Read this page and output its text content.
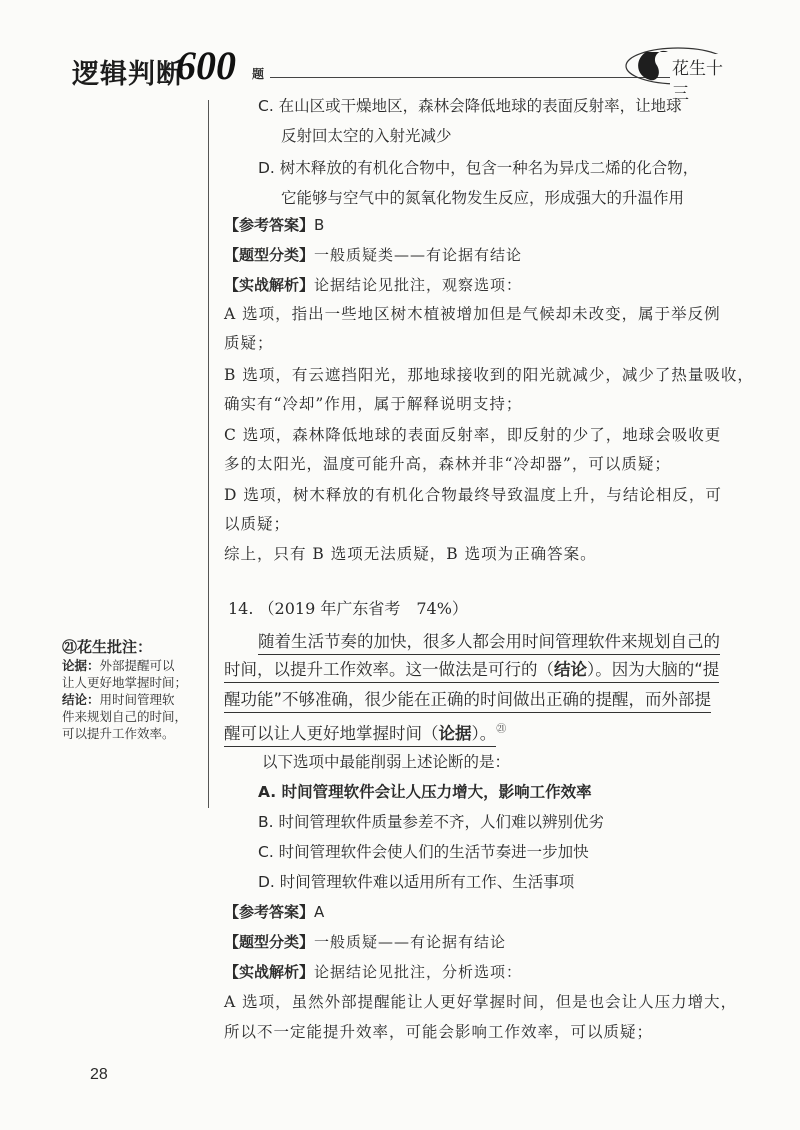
逻辑判断
600 题	花生十三
C. 在山区或干燥地区，森林会降低地球的表面反射率，让地球
反射回太空的入射光减少
D. 树木释放的有机化合物中，包含一种名为异戊二烯的化合物，
它能够与空气中的氮氧化物发生反应，形成强大的升温作用
【参考答案】B
【题型分类】一般质疑类——有论据有结论
【实战解析】论据结论见批注，观察选项：
A 选项，指出一些地区树木植被增加但是气候却未改变，属于举反例
质疑；
B 选项，有云遮挡阳光，那地球接收到的阳光就减少，减少了热量吸收，
确实有“冷却”作用，属于解释说明支持；
C 选项，森林降低地球的表面反射率，即反射的少了，地球会吸收更
多的太阳光，温度可能升高，森林并非“冷却器”，可以质疑；
D 选项，树木释放的有机化合物最终导致温度上升，与结论相反，可
以质疑；
综上，只有 B 选项无法质疑，B 选项为正确答案。
14. （2019 年广东省考　74%）
随着生活节奏的加快，很多人都会用时间管理软件来规划自己的
时间，以提升工作效率。这一做法是可行的（结论）。因为大脑的“提
醒功能”不够准确，很少能在正确的时间做出正确的提醒，而外部提
醒可以让人更好地掌握时间（论据）。$^㉑$
以下选项中最能削弱上述论断的是：
A. 时间管理软件会让人压力增大，影响工作效率
B. 时间管理软件质量参差不齐，人们难以辨别优劣
C. 时间管理软件会使人们的生活节奏进一步加快
D. 时间管理软件难以适用所有工作、生活事项
【参考答案】A
【题型分类】一般质疑——有论据有结论
【实战解析】论据结论见批注，分析选项：
A 选项，虽然外部提醒能让人更好掌握时间，但是也会让人压力增大，
所以不一定能提升效率，可能会影响工作效率，可以质疑；
㉑花生批注：
论据：外部提醒可以
让人更好地掌握时间；
结论：用时间管理软
件来规划自己的时间，
可以提升工作效率。
28
